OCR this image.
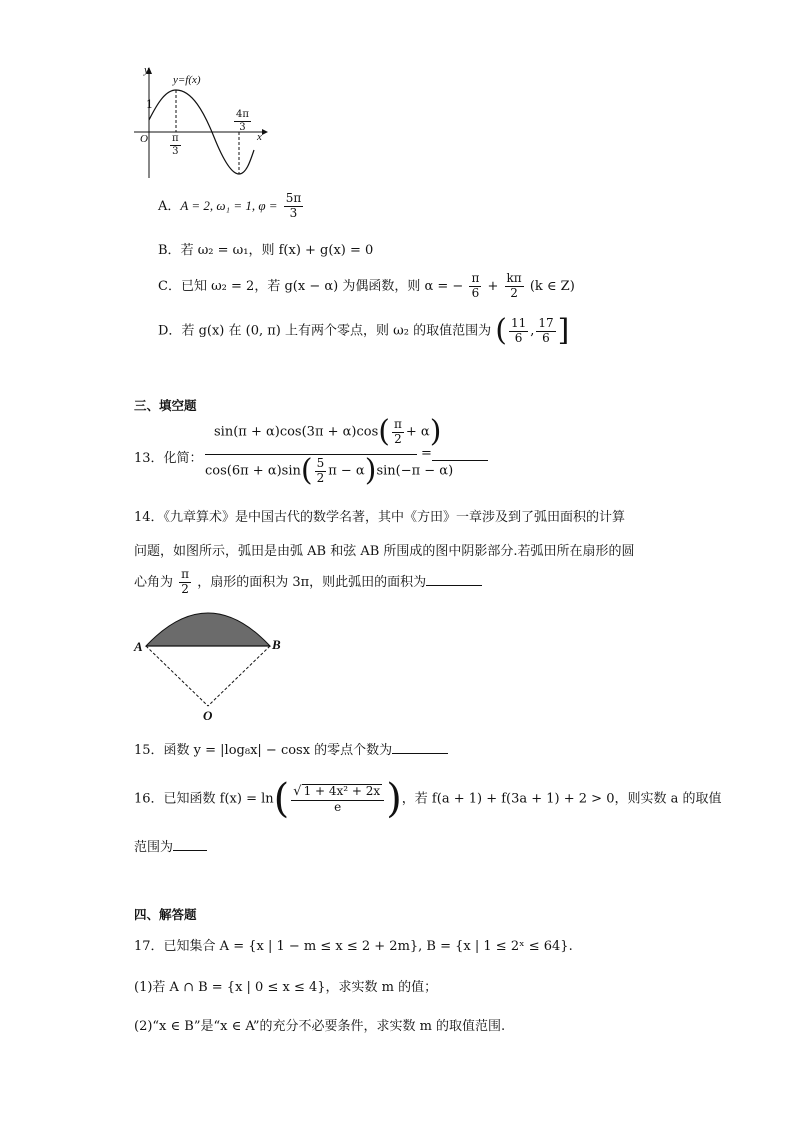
y
y=f(x)
1
O	x
$\frac{\pi}{3}$
$\frac{4\pi}{3}$
A．A = 2, ω₁ = 1, $\varphi = \frac{5\pi}{3}$
B．若 ω₂ = ω₁，则 f(x) + g(x) = 0
C．已知 ω₂ = 2，若 g(x − α) 为偶函数，则 α = − $\frac{\pi}{6} + \frac{k\pi}{2} (k$ ∈ Z)
D．若 g(x) 在 (0, π) 上有两个零点，则 ω₂ 的取值范围为 ( $\frac{11}{6}$ , $\frac{17}{6}$ ]
三、填空题
13．化简：
$\sin(\pi + \alpha)\cos(3\pi + \alpha)\cos( \frac{\pi}{2} + \alpha)$
$\cos(6\pi + \alpha)\sin( \frac{5}{2}$ π − α)sin(−π − α)
=
14．《九章算术》是中国古代的数学名著，其中《方田》一章涉及到了弧田面积的计算
问题，如图所示，弧田是由弧 AB 和弦 AB 所围成的图中阴影部分.若弧田所在扇形的圆
心角为 $\frac{\pi}{2}$ ，扇形的面积为 3π，则此弧田的面积为
A	B
O
15．函数 y = |log₈x| − cosx 的零点个数为
16．已知函数 $f(x) = \ln( \frac{\text{√ 1 + 4x² + 2x}}{e}$ )，若 f(a + 1) + f(3a + 1) + 2 > 0，则实数 a 的取值
范围为
四、解答题
17．已知集合 A = {x | 1 − m ≤ x ≤ 2 + 2m}, B = {x | 1 ≤ 2ˣ ≤ 64}.
(1)若 A ∩ B = {x | 0 ≤ x ≤ 4}，求实数 m 的值；
(2)“x ∈ B”是“x ∈ A”的充分不必要条件，求实数 m 的取值范围.
